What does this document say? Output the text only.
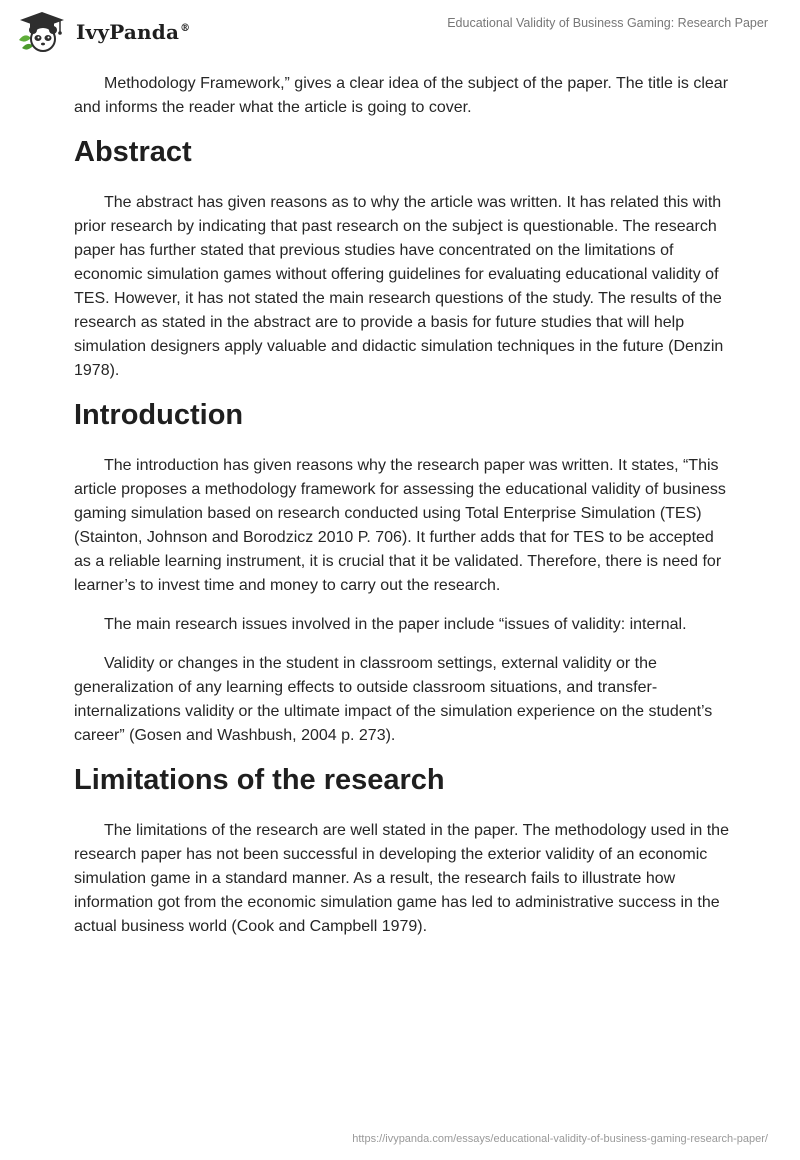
IvyPanda®	Educational Validity of Business Gaming: Research Paper

Methodology Framework,” gives a clear idea of the subject of the paper. The title is clear and informs the reader what the article is going to cover.

Abstract

The abstract has given reasons as to why the article was written. It has related this with prior research by indicating that past research on the subject is questionable. The research paper has further stated that previous studies have concentrated on the limitations of economic simulation games without offering guidelines for evaluating educational validity of TES. However, it has not stated the main research questions of the study. The results of the research as stated in the abstract are to provide a basis for future studies that will help simulation designers apply valuable and didactic simulation techniques in the future (Denzin 1978).

Introduction

The introduction has given reasons why the research paper was written. It states, “This article proposes a methodology framework for assessing the educational validity of business gaming simulation based on research conducted using Total Enterprise Simulation (TES) (Stainton, Johnson and Borodzicz 2010 P. 706). It further adds that for TES to be accepted as a reliable learning instrument, it is crucial that it be validated. Therefore, there is need for learner’s to invest time and money to carry out the research.

The main research issues involved in the paper include “issues of validity: internal.

Validity or changes in the student in classroom settings, external validity or the generalization of any learning effects to outside classroom situations, and transfer-internalizations validity or the ultimate impact of the simulation experience on the student’s career” (Gosen and Washbush, 2004 p. 273).

Limitations of the research

The limitations of the research are well stated in the paper. The methodology used in the research paper has not been successful in developing the exterior validity of an economic simulation game in a standard manner. As a result, the research fails to illustrate how information got from the economic simulation game has led to administrative success in the actual business world (Cook and Campbell 1979).

https://ivypanda.com/essays/educational-validity-of-business-gaming-research-paper/
